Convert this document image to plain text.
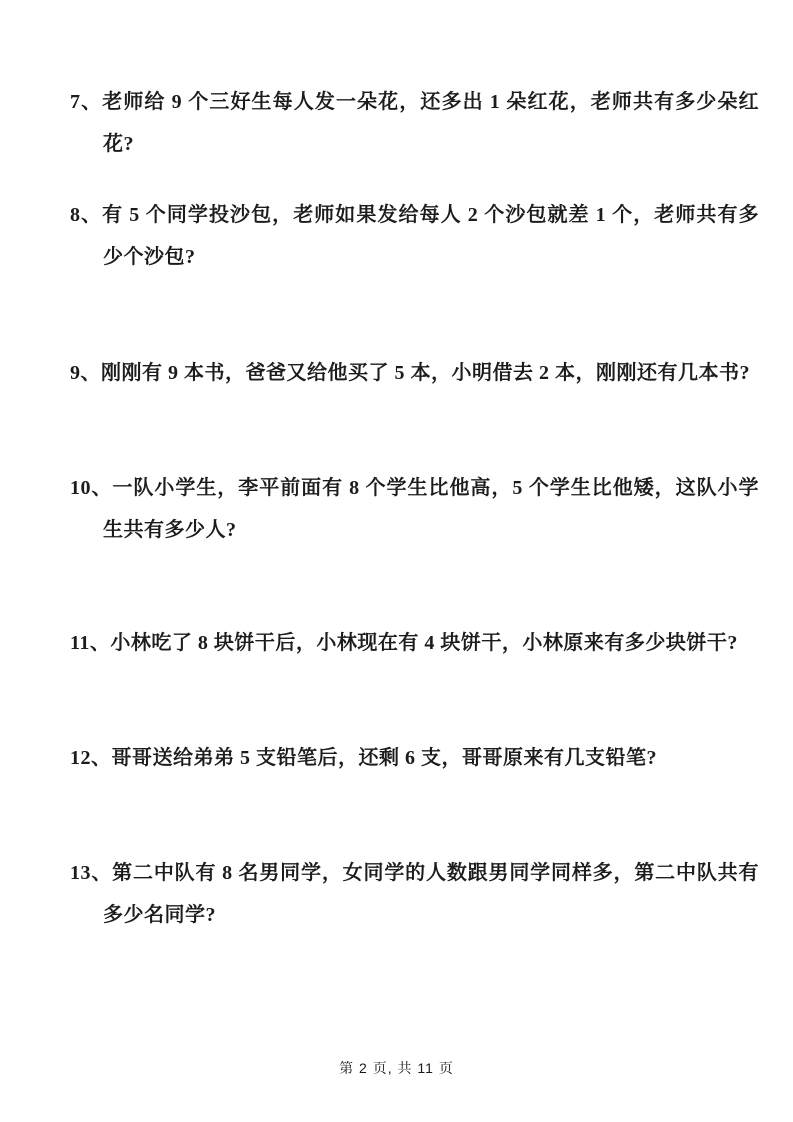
7、老师给 9 个三好生每人发一朵花，还多出 1 朵红花，老师共有多少朵红花?
8、有 5 个同学投沙包，老师如果发给每人 2 个沙包就差 1 个，老师共有多少个沙包?
9、刚刚有 9 本书，爸爸又给他买了 5 本，小明借去 2 本，刚刚还有几本书?
10、一队小学生，李平前面有 8 个学生比他高，5 个学生比他矮，这队小学生共有多少人?
11、小林吃了 8 块饼干后，小林现在有 4 块饼干，小林原来有多少块饼干?
12、哥哥送给弟弟 5 支铅笔后，还剩 6 支，哥哥原来有几支铅笔?
13、第二中队有 8 名男同学，女同学的人数跟男同学同样多，第二中队共有多少名同学?
第 2 页, 共 11 页
